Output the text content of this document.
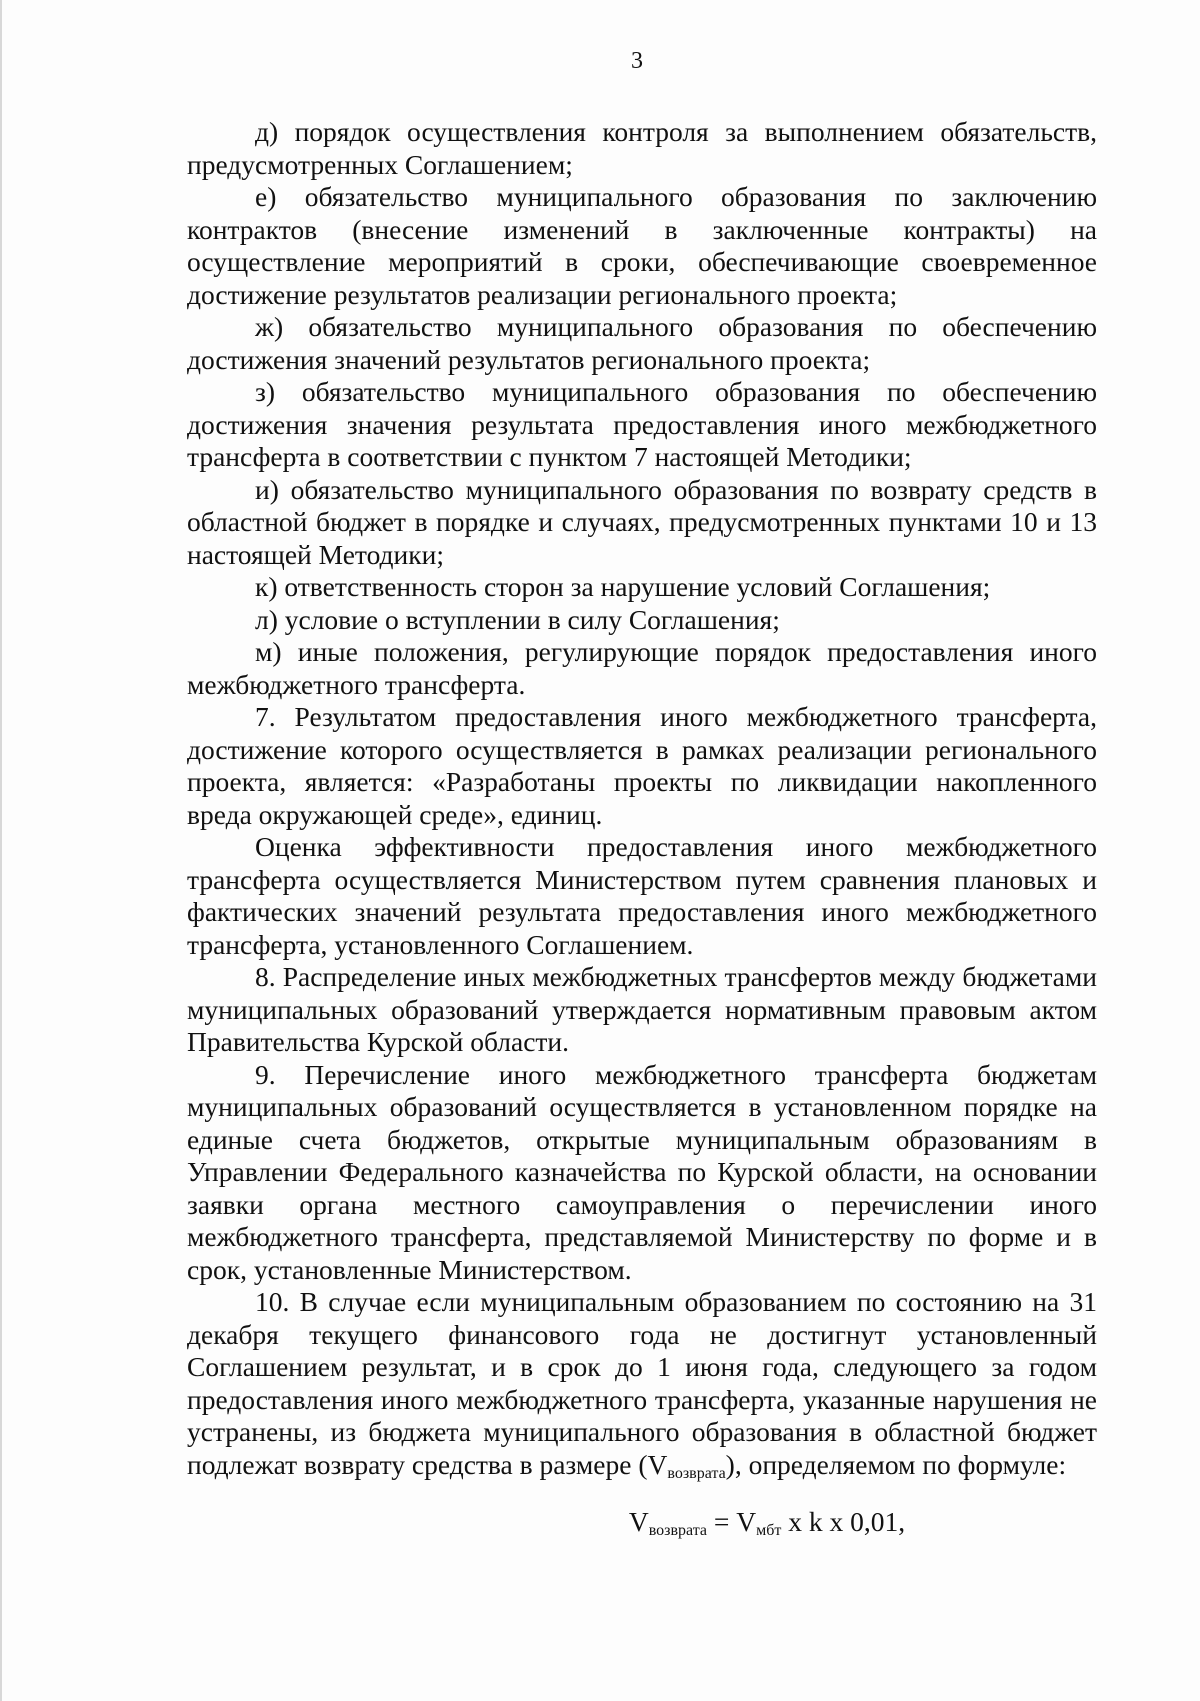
3

д) порядок осуществления контроля за выполнением обязательств, предусмотренных Соглашением;

е) обязательство муниципального образования по заключению контрактов (внесение изменений в заключенные контракты) на осуществление мероприятий в сроки, обеспечивающие своевременное достижение результатов реализации регионального проекта;

ж) обязательство муниципального образования по обеспечению достижения значений результатов регионального проекта;

з) обязательство муниципального образования по обеспечению достижения значения результата предоставления иного межбюджетного трансферта в соответствии с пунктом 7 настоящей Методики;

и) обязательство муниципального образования по возврату средств в областной бюджет в порядке и случаях, предусмотренных пунктами 10 и 13 настоящей Методики;

к) ответственность сторон за нарушение условий Соглашения;

л) условие о вступлении в силу Соглашения;

м) иные положения, регулирующие порядок предоставления иного межбюджетного трансферта.

7. Результатом предоставления иного межбюджетного трансферта, достижение которого осуществляется в рамках реализации регионального проекта, является: «Разработаны проекты по ликвидации накопленного вреда окружающей среде», единиц.

Оценка эффективности предоставления иного межбюджетного трансферта осуществляется Министерством путем сравнения плановых и фактических значений результата предоставления иного межбюджетного трансферта, установленного Соглашением.

8. Распределение иных межбюджетных трансфертов между бюджетами муниципальных образований утверждается нормативным правовым актом Правительства Курской области.

9. Перечисление иного межбюджетного трансферта бюджетам муниципальных образований осуществляется в установленном порядке на единые счета бюджетов, открытые муниципальным образованиям в Управлении Федерального казначейства по Курской области, на основании заявки органа местного самоуправления о перечислении иного межбюджетного трансферта, представляемой Министерству по форме и в срок, установленные Министерством.

10. В случае если муниципальным образованием по состоянию на 31 декабря текущего финансового года не достигнут установленный Соглашением результат, и в срок до 1 июня года, следующего за годом предоставления иного межбюджетного трансферта, указанные нарушения не устранены, из бюджета муниципального образования в областной бюджет подлежат возврату средства в размере $(V_{возврата})$, определяемом по формуле:

$V_{возврата} = V_{мбт}$ x k x 0,01,
